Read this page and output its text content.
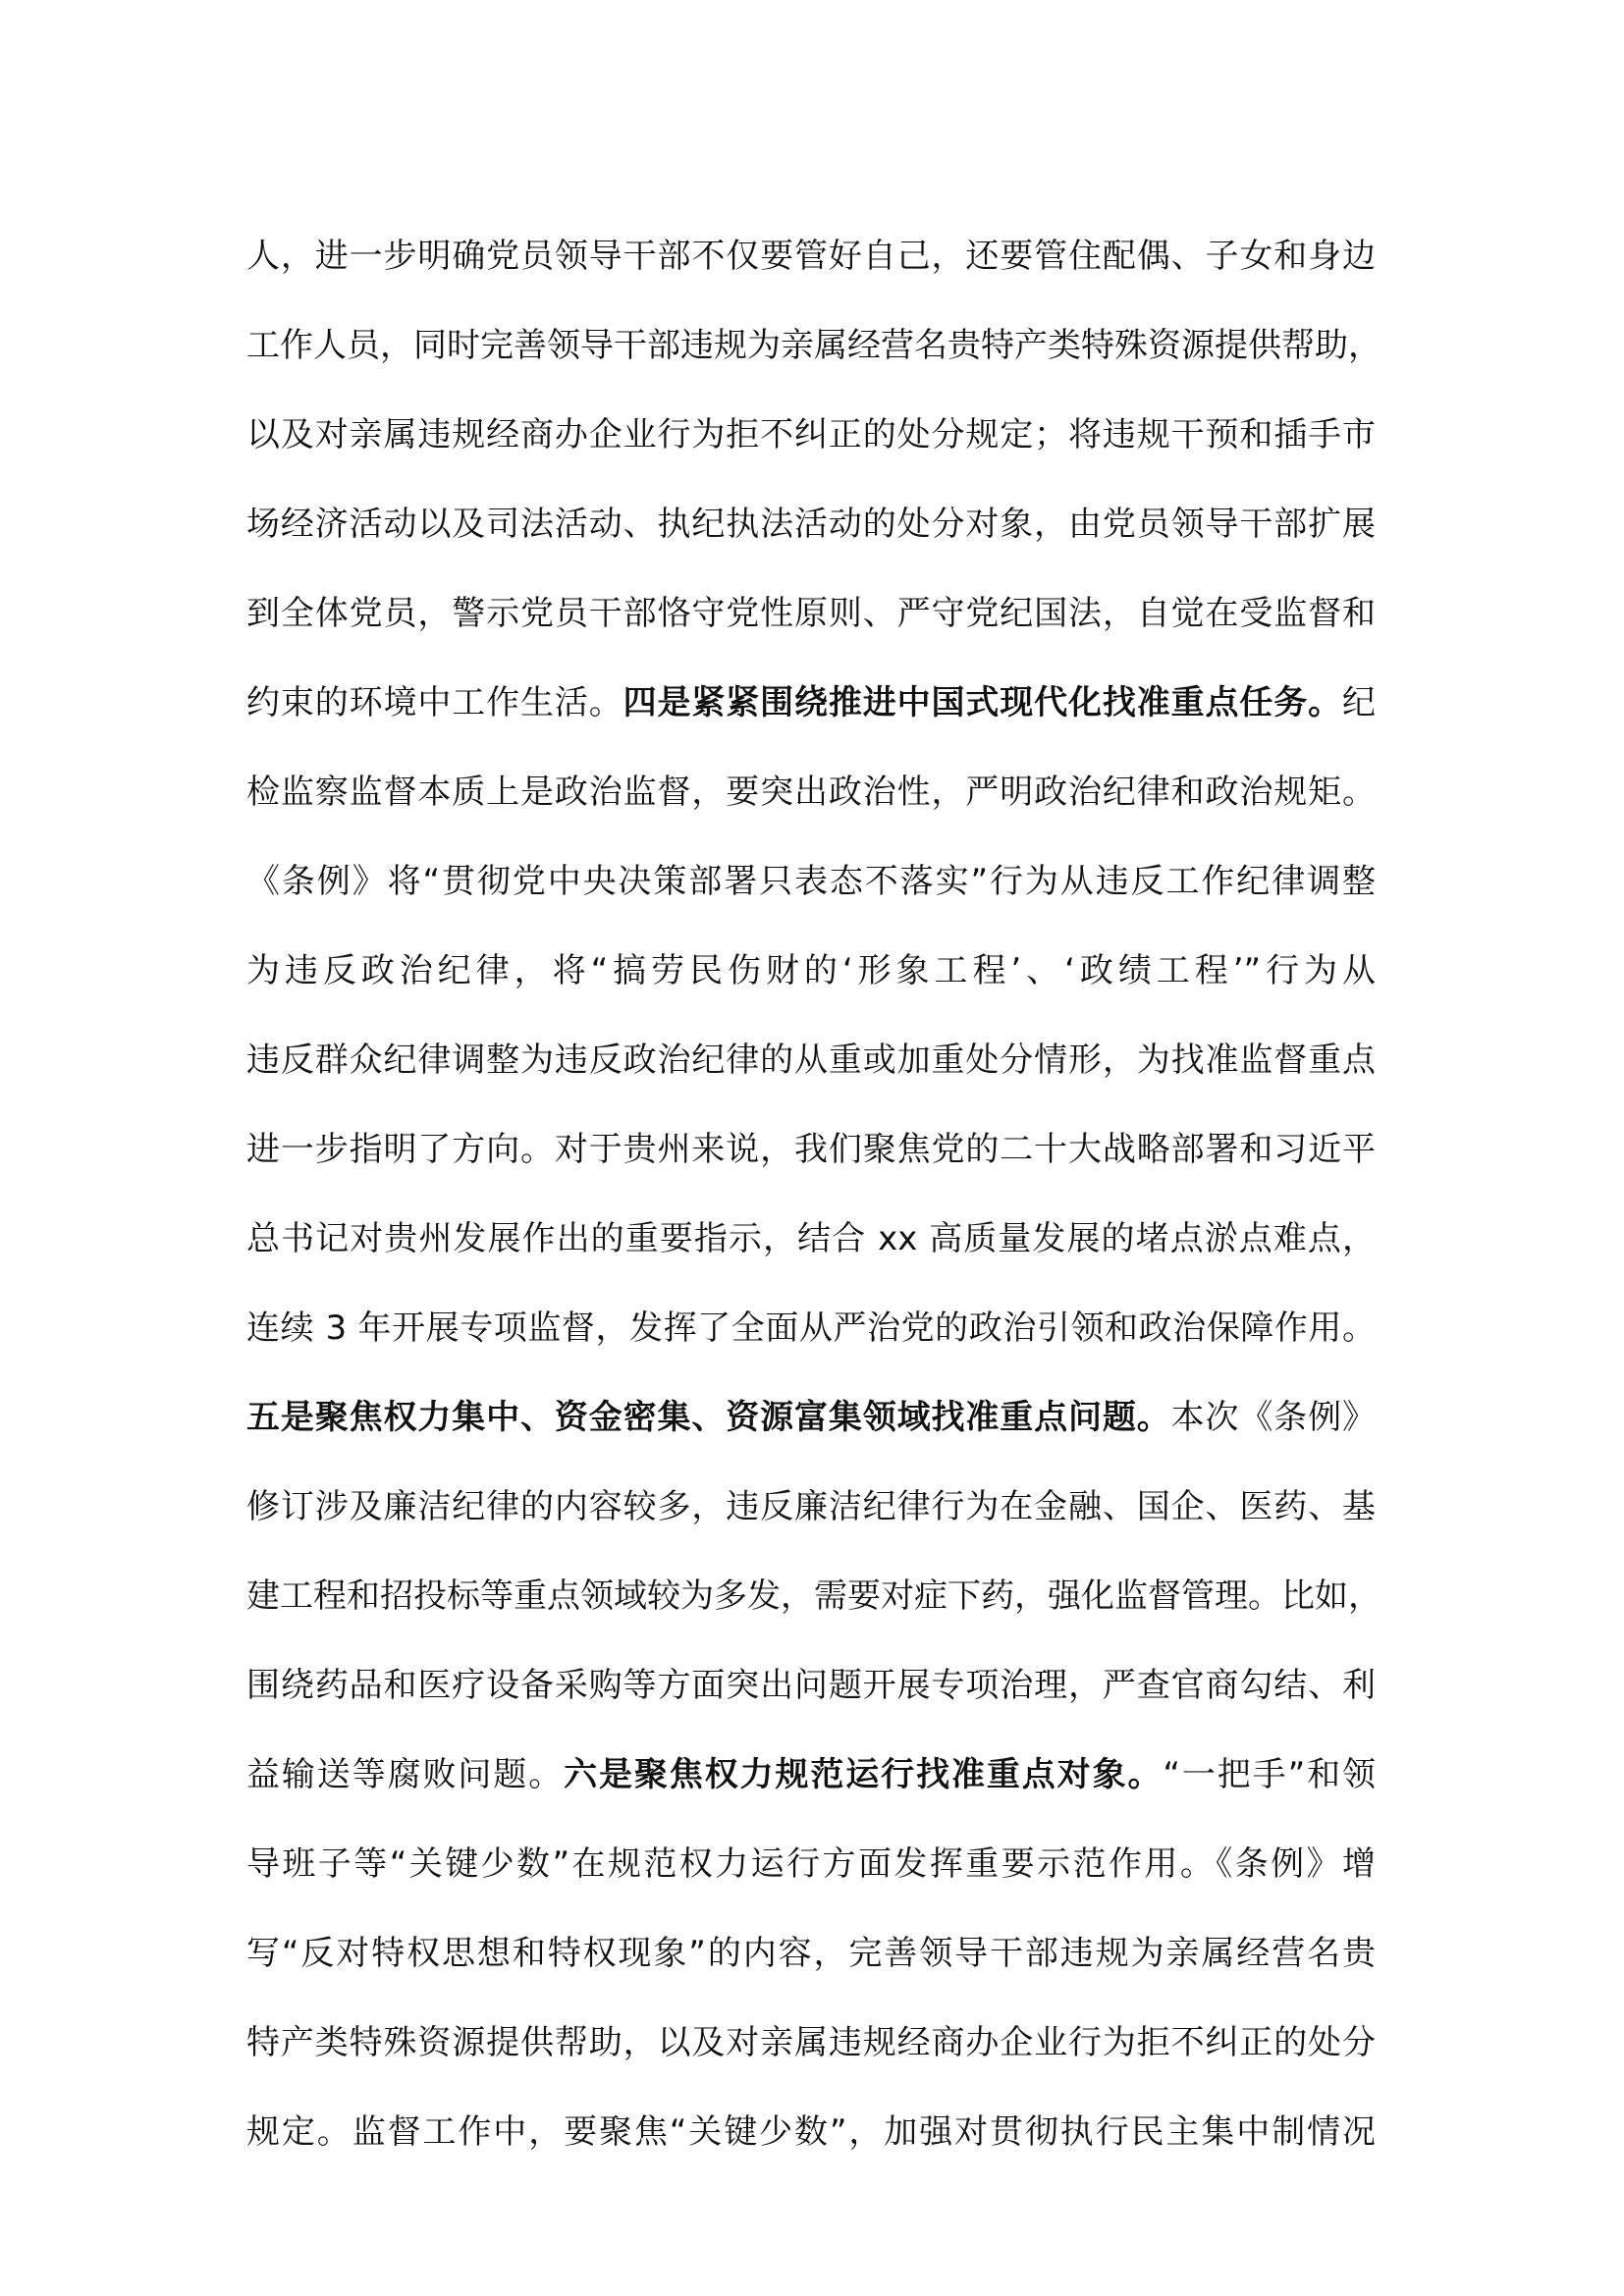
人，进一步明确党员领导干部不仅要管好自己，还要管住配偶、子女和身边
工作人员，同时完善领导干部违规为亲属经营名贵特产类特殊资源提供帮助，
以及对亲属违规经商办企业行为拒不纠正的处分规定；将违规干预和插手市
场经济活动以及司法活动、执纪执法活动的处分对象，由党员领导干部扩展
到全体党员，警示党员干部恪守党性原则、严守党纪国法，自觉在受监督和
约束的环境中工作生活。四是紧紧围绕推进中国式现代化找准重点任务。纪
检监察监督本质上是政治监督，要突出政治性，严明政治纪律和政治规矩。
《条例》将“贯彻党中央决策部署只表态不落实”行为从违反工作纪律调整
为违反政治纪律，将“搞劳民伤财的‘形象工程’、‘政绩工程’”行为从
违反群众纪律调整为违反政治纪律的从重或加重处分情形，为找准监督重点
进一步指明了方向。对于贵州来说，我们聚焦党的二十大战略部署和习近平
总书记对贵州发展作出的重要指示，结合 xx 高质量发展的堵点淤点难点，
连续 3 年开展专项监督，发挥了全面从严治党的政治引领和政治保障作用。
五是聚焦权力集中、资金密集、资源富集领域找准重点问题。本次《条例》
修订涉及廉洁纪律的内容较多，违反廉洁纪律行为在金融、国企、医药、基
建工程和招投标等重点领域较为多发，需要对症下药，强化监督管理。比如，
围绕药品和医疗设备采购等方面突出问题开展专项治理，严查官商勾结、利
益输送等腐败问题。六是聚焦权力规范运行找准重点对象。“一把手”和领
导班子等“关键少数”在规范权力运行方面发挥重要示范作用。《条例》增
写“反对特权思想和特权现象”的内容，完善领导干部违规为亲属经营名贵
特产类特殊资源提供帮助，以及对亲属违规经商办企业行为拒不纠正的处分
规定。监督工作中，要聚焦“关键少数”，加强对贯彻执行民主集中制情况
